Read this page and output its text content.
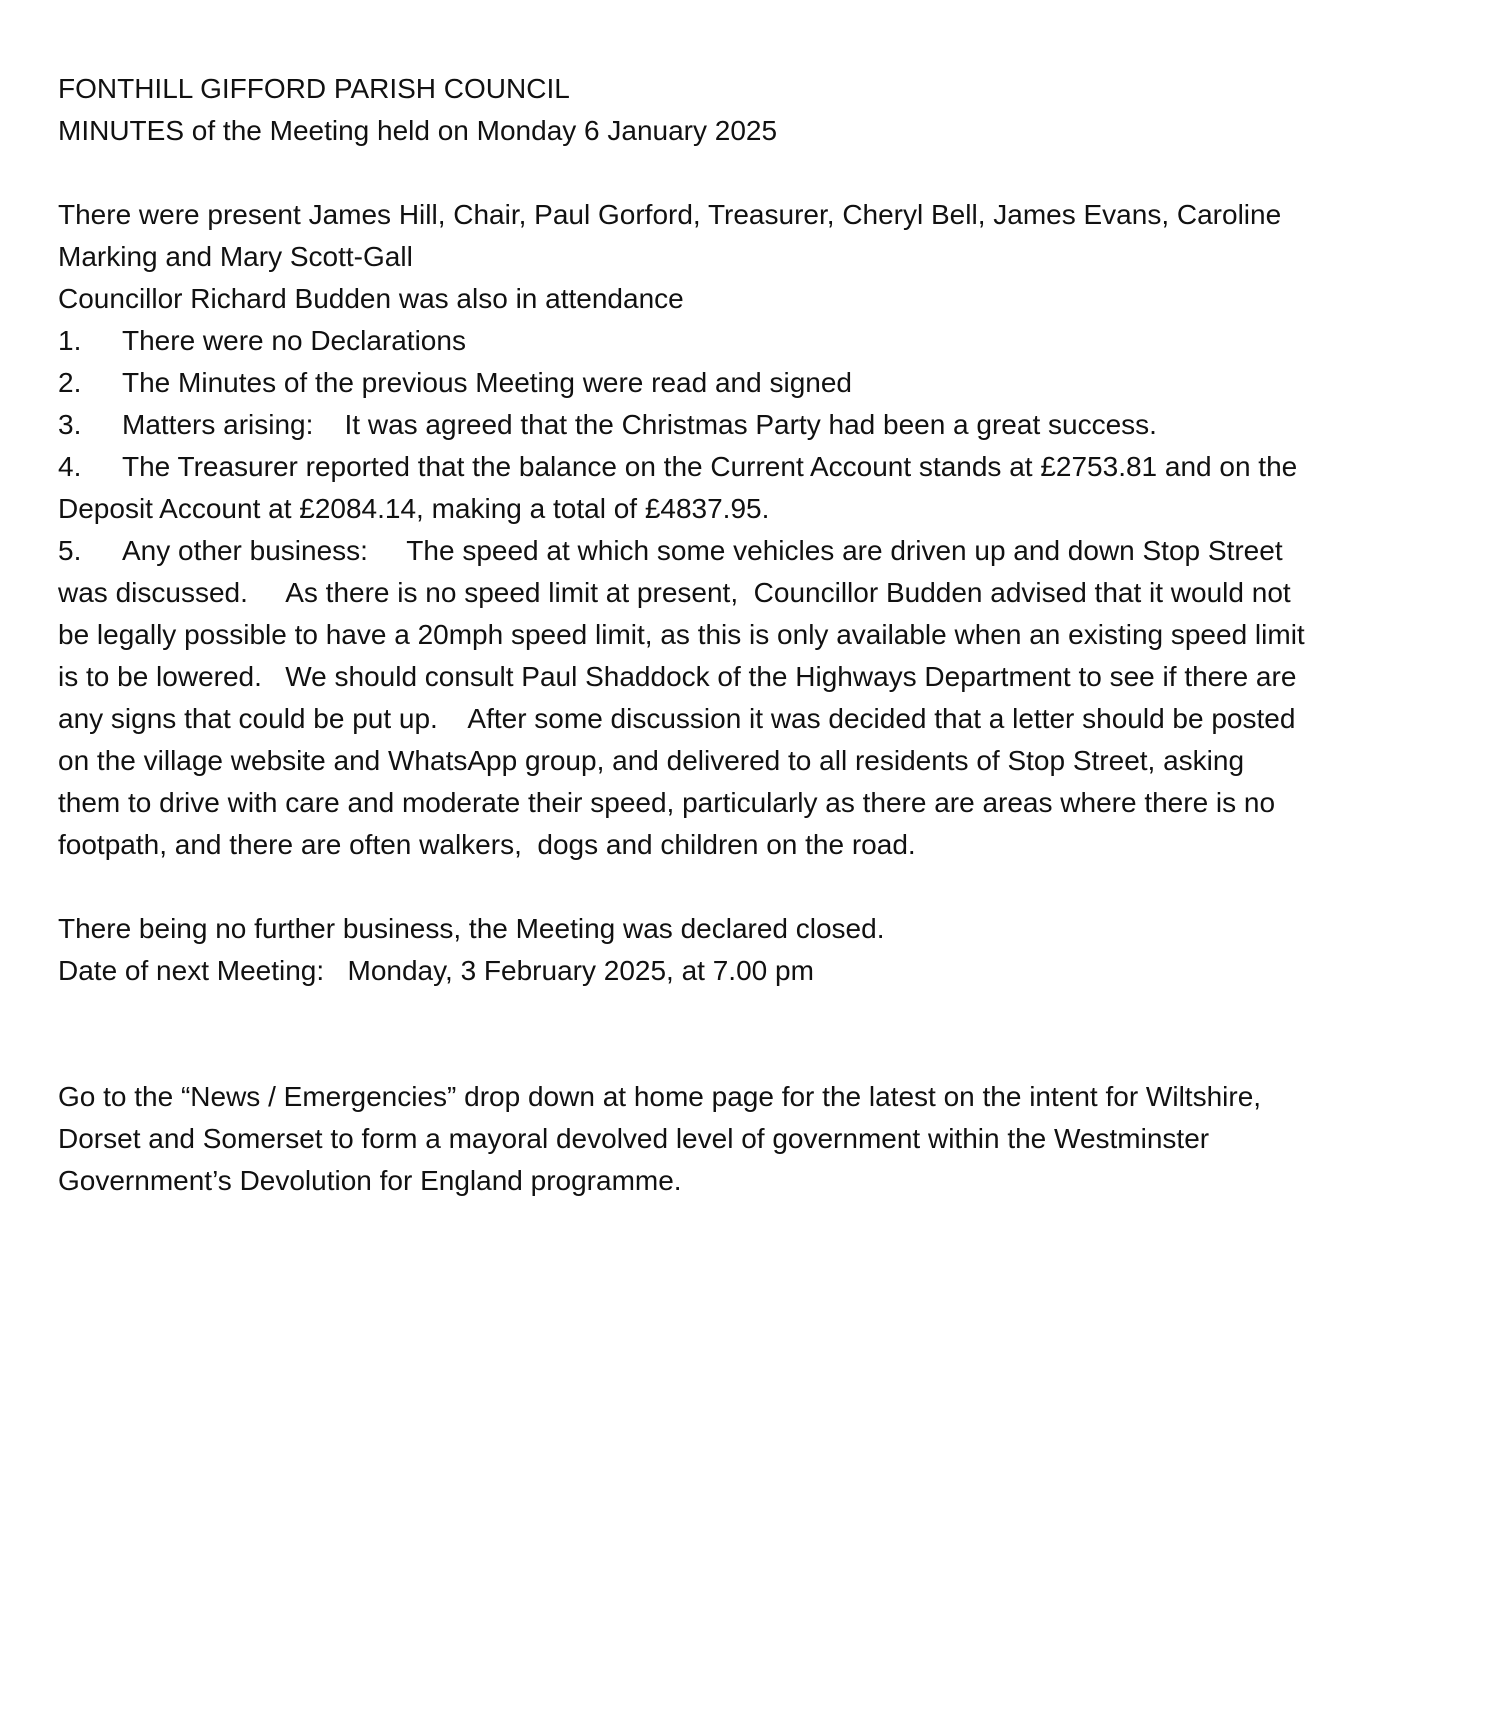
FONTHILL GIFFORD PARISH COUNCIL
MINUTES of the Meeting held on Monday 6 January 2025
There were present James Hill, Chair, Paul Gorford, Treasurer, Cheryl Bell, James Evans, Caroline
Marking and Mary Scott-Gall
Councillor Richard Budden was also in attendance
1. There were no Declarations
2. The Minutes of the previous Meeting were read and signed
3. Matters arising:    It was agreed that the Christmas Party had been a great success.
4. The Treasurer reported that the balance on the Current Account stands at £2753.81 and on the
Deposit Account at £2084.14, making a total of £4837.95.
5. Any other business:     The speed at which some vehicles are driven up and down Stop Street
was discussed.     As there is no speed limit at present,  Councillor Budden advised that it would not
be legally possible to have a 20mph speed limit, as this is only available when an existing speed limit
is to be lowered.   We should consult Paul Shaddock of the Highways Department to see if there are
any signs that could be put up.    After some discussion it was decided that a letter should be posted
on the village website and WhatsApp group, and delivered to all residents of Stop Street, asking
them to drive with care and moderate their speed, particularly as there are areas where there is no
footpath, and there are often walkers,  dogs and children on the road.
There being no further business, the Meeting was declared closed.
Date of next Meeting:   Monday, 3 February 2025, at 7.00 pm
Go to the “News / Emergencies” drop down at home page for the latest on the intent for Wiltshire,
Dorset and Somerset to form a mayoral devolved level of government within the Westminster
Government’s Devolution for England programme.
